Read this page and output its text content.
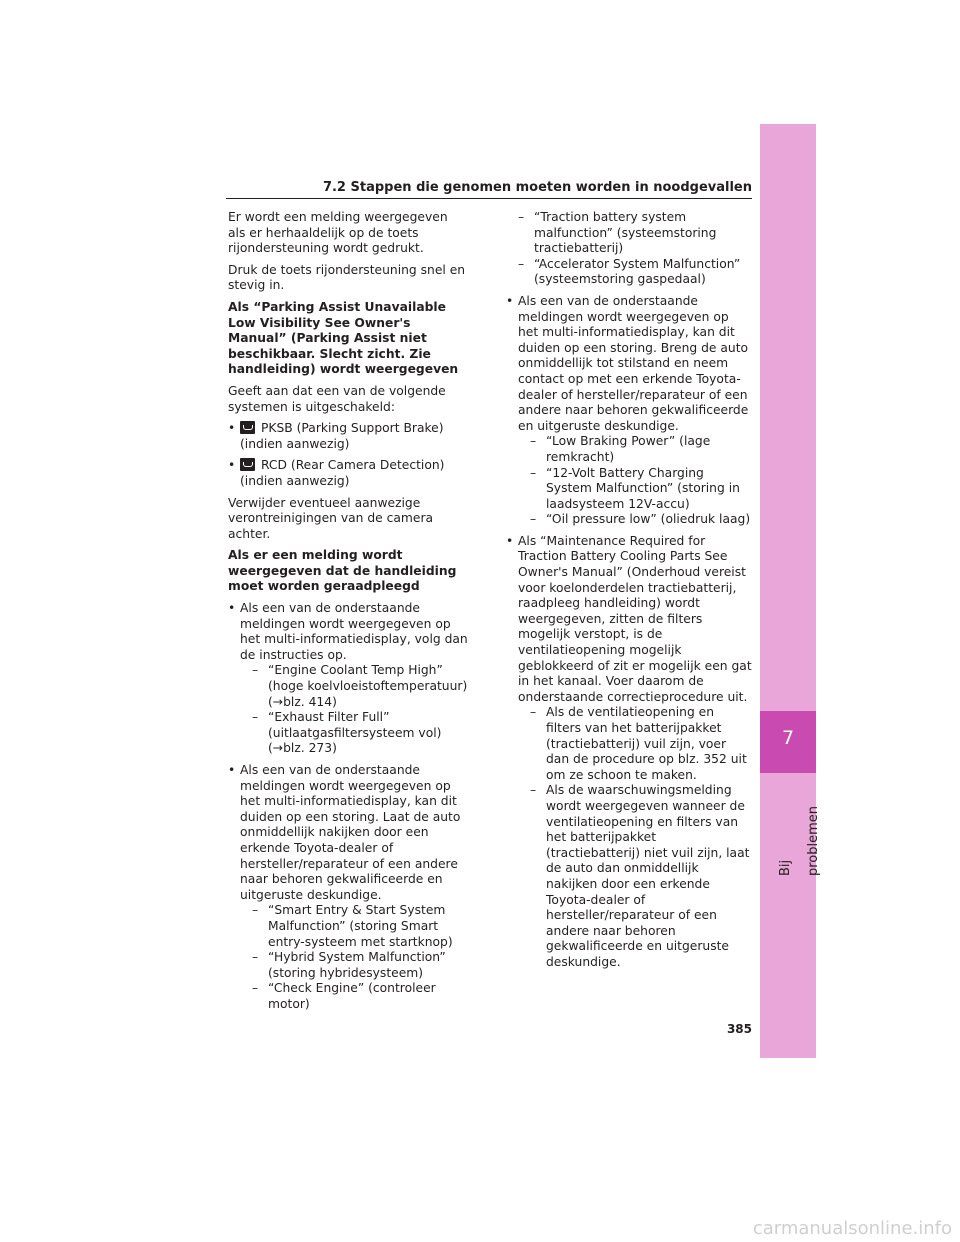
7
Bij problemen
7.2 Stappen die genomen moeten worden in noodgevallen

Er wordt een melding weergegeven als er herhaaldelijk op de toets rijondersteuning wordt gedrukt.

Druk de toets rijondersteuning snel en stevig in.

Als “Parking Assist Unavailable Low Visibility See Owner's Manual” (Parking Assist niet beschikbaar. Slecht zicht. Zie handleiding) wordt weergegeven

Geeft aan dat een van de volgende systemen is uitgeschakeld:

• PKSB (Parking Support Brake)
(indien aanwezig)
• RCD (Rear Camera Detection)
(indien aanwezig)

Verwijder eventueel aanwezige verontreinigingen van de camera achter.

Als er een melding wordt weergegeven dat de handleiding moet worden geraadpleegd
• Als een van de onderstaande meldingen wordt weergegeven op het multi-informatiedisplay, volg dan de instructies op.
– “Engine Coolant Temp High” (hoge koelvloeistoftemperatuur) (→blz. 414)
– “Exhaust Filter Full” (uitlaatgasfiltersysteem vol) (→blz. 273)
• Als een van de onderstaande meldingen wordt weergegeven op het multi-informatiedisplay, kan dit duiden op een storing. Laat de auto onmiddellijk nakijken door een erkende Toyota-dealer of hersteller/reparateur of een andere naar behoren gekwalificeerde en uitgeruste deskundige.
– “Smart Entry & Start System Malfunction” (storing Smart entry-systeem met startknop)
– “Hybrid System Malfunction” (storing hybridesysteem)
– “Check Engine” (controleer motor)
– “Traction battery system malfunction” (systeemstoring tractiebatterij)
– “Accelerator System Malfunction” (systeemstoring gaspedaal)
• Als een van de onderstaande meldingen wordt weergegeven op het multi-informatiedisplay, kan dit duiden op een storing. Breng de auto onmiddellijk tot stilstand en neem contact op met een erkende Toyota-dealer of hersteller/reparateur of een andere naar behoren gekwalificeerde en uitgeruste deskundige.
– “Low Braking Power” (lage remkracht)
– “12-Volt Battery Charging System Malfunction” (storing in laadsysteem 12V-accu)
– “Oil pressure low” (oliedruk laag)
• Als “Maintenance Required for Traction Battery Cooling Parts See Owner's Manual” (Onderhoud vereist voor koelonderdelen tractiebatterij, raadpleeg handleiding) wordt weergegeven, zitten de filters mogelijk verstopt, is de ventilatieopening mogelijk geblokkeerd of zit er mogelijk een gat in het kanaal. Voer daarom de onderstaande correctieprocedure uit.
– Als de ventilatieopening en filters van het batterijpakket (tractiebatterij) vuil zijn, voer dan de procedure op blz. 352 uit om ze schoon te maken.
– Als de waarschuwingsmelding wordt weergegeven wanneer de ventilatieopening en filters van het batterijpakket (tractiebatterij) niet vuil zijn, laat de auto dan onmiddellijk nakijken door een erkende Toyota-dealer of hersteller/reparateur of een andere naar behoren gekwalificeerde en uitgeruste deskundige.
385
carmanualsonline.info
